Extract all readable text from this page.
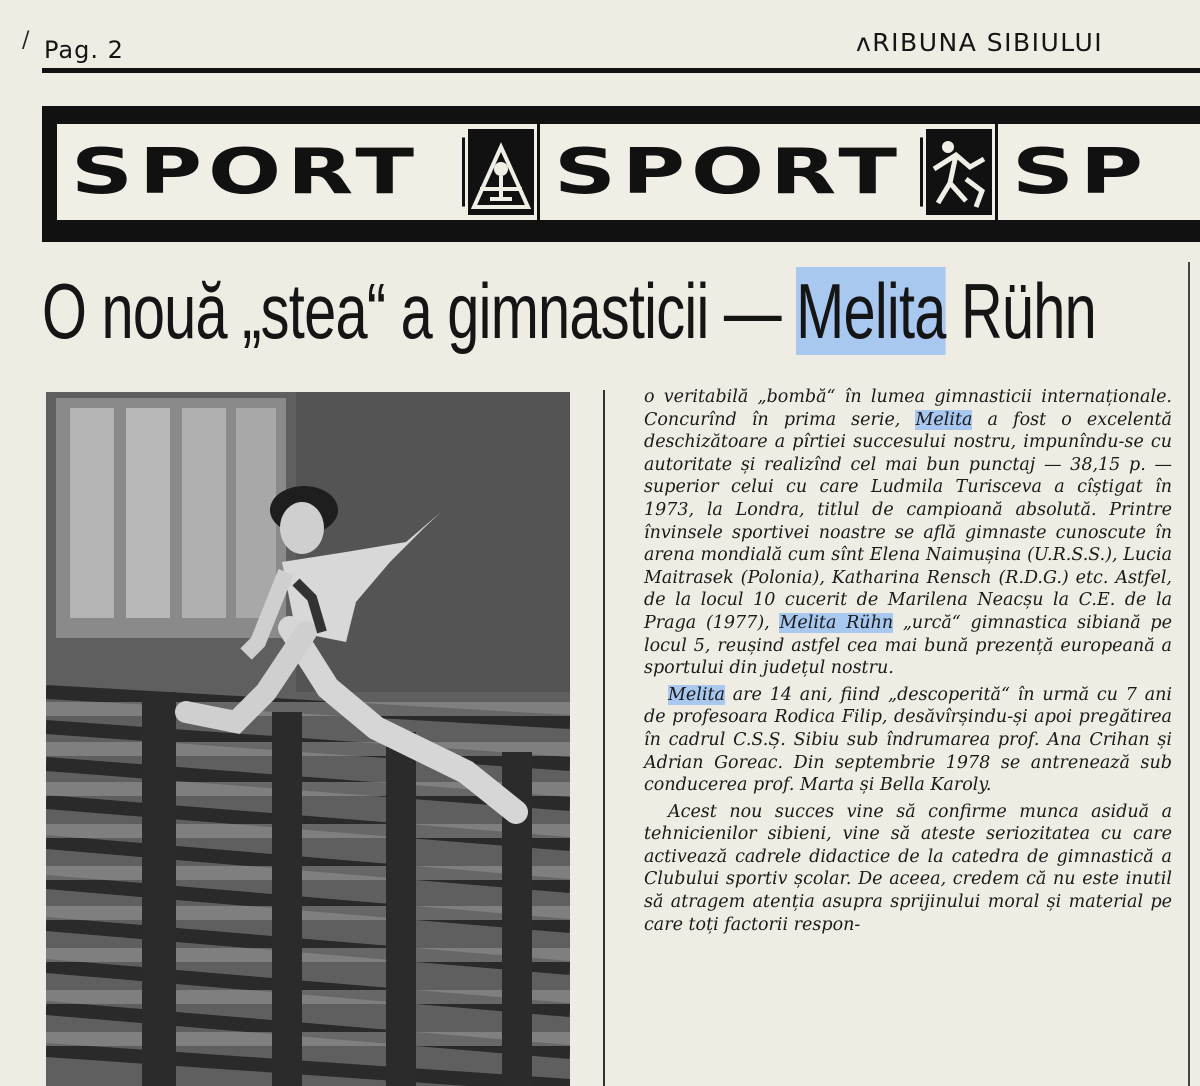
/ Pag. 2	ᴧRIBUNA SIBIULUI
SPORT	SPORT SP
O nouă „stea“ a gimnasticii — Melita Rühn

o veritabilă „bombă“ în lumea gimnasticii internaționale. Concurînd în prima serie, Melita a fost o excelentă deschizătoare a pîrtiei succesului nostru, impunîndu-se cu autoritate și realizînd cel mai bun punctaj — 38,15 p. — superior celui cu care Ludmila Turisceva a cîștigat în 1973, la Londra, titlul de campioană absolută. Printre învinsele sportivei noastre se află gimnaste cunoscute în arena mondială cum sînt Elena Naimușina (U.R.S.S.), Lucia Maitrasek (Polonia), Katharina Rensch (R.D.G.) etc. Astfel, de la locul 10 cucerit de Marilena Neacșu la C.E. de la Praga (1977), Melita Rühn „urcă“ gimnastica sibiană pe locul 5, reușind astfel cea mai bună prezență europeană a sportului din județul nostru.

Melita are 14 ani, fiind „descoperită“ în urmă cu 7 ani de profesoara Rodica Filip, desăvîrșindu-și apoi pregătirea în cadrul C.S.Ș. Sibiu sub îndrumarea prof. Ana Crihan și Adrian Goreac. Din septembrie 1978 se antrenează sub conducerea prof. Marta și Bella Karoly.

Acest nou succes vine să confirme munca asiduă a tehnicienilor sibieni, vine să ateste seriozitatea cu care activează cadrele didactice de la catedra de gimnastică a Clubului sportiv școlar. De aceea, credem că nu este inutil să atragem atenția asupra sprijinului moral și material pe care toți factorii respon-
